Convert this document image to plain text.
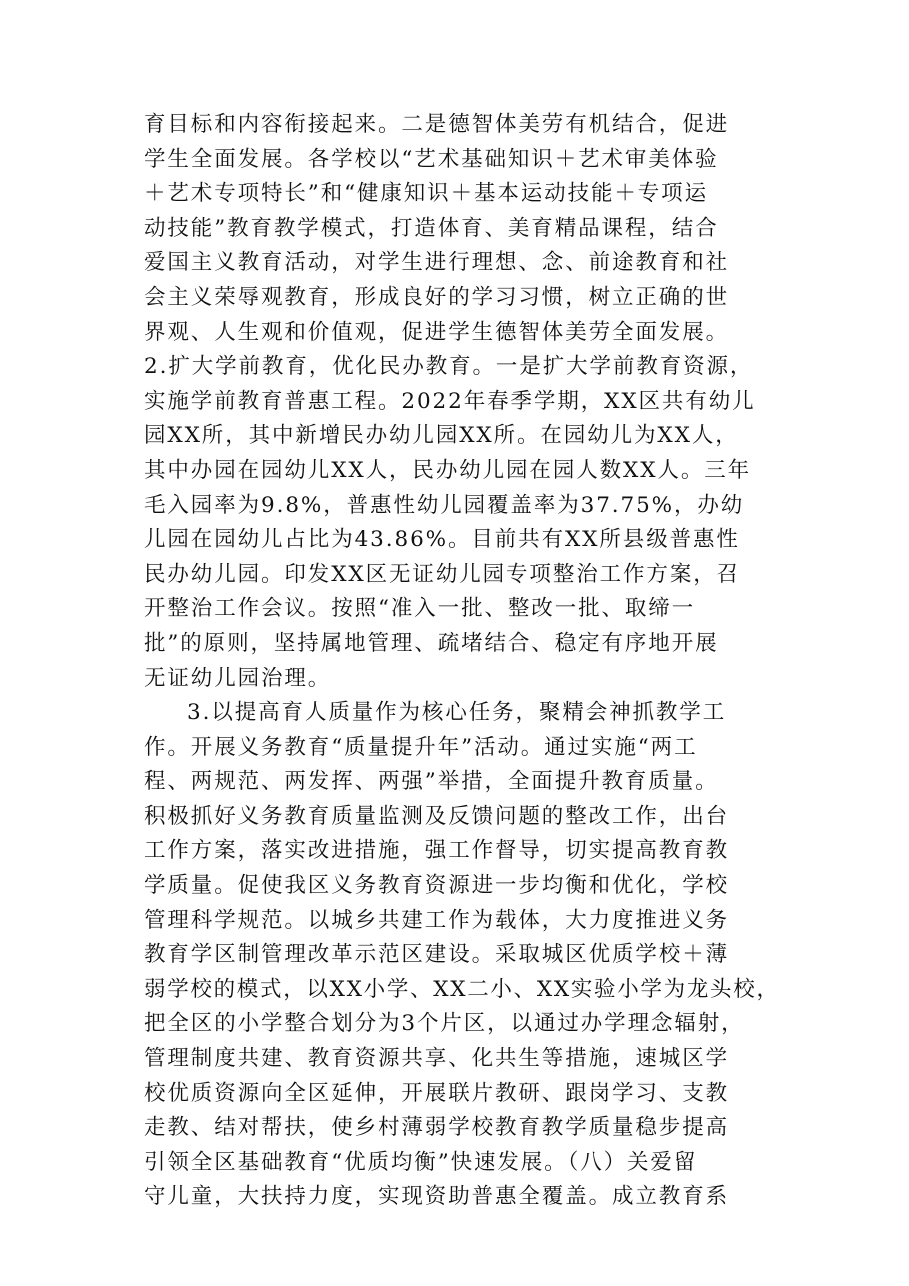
育目标和内容衔接起来。二是德智体美劳有机结合，促进
学生全面发展。各学校以“艺术基础知识＋艺术审美体验
＋艺术专项特长”和“健康知识＋基本运动技能＋专项运
动技能”教育教学模式，打造体育、美育精品课程，结合
爱国主义教育活动，对学生进行理想、念、前途教育和社
会主义荣辱观教育，形成良好的学习习惯，树立正确的世
界观、人生观和价值观，促进学生德智体美劳全面发展。
2.扩大学前教育，优化民办教育。一是扩大学前教育资源，
实施学前教育普惠工程。2022年春季学期，XX区共有幼儿
园XX所，其中新增民办幼儿园XX所。在园幼儿为XX人，
其中办园在园幼儿XX人，民办幼儿园在园人数XX人。三年
毛入园率为9.8%，普惠性幼儿园覆盖率为37.75%，办幼
儿园在园幼儿占比为43.86%。目前共有XX所县级普惠性
民办幼儿园。印发XX区无证幼儿园专项整治工作方案，召
开整治工作会议。按照“准入一批、整改一批、取缔一
批”的原则，坚持属地管理、疏堵结合、稳定有序地开展
无证幼儿园治理。
3.以提高育人质量作为核心任务，聚精会神抓教学工
作。开展义务教育“质量提升年”活动。通过实施“两工
程、两规范、两发挥、两强”举措，全面提升教育质量。
积极抓好义务教育质量监测及反馈问题的整改工作，出台
工作方案，落实改进措施，强工作督导，切实提高教育教
学质量。促使我区义务教育资源进一步均衡和优化，学校
管理科学规范。以城乡共建工作为载体，大力度推进义务
教育学区制管理改革示范区建设。采取城区优质学校＋薄
弱学校的模式，以XX小学、XX二小、XX实验小学为龙头校，
把全区的小学整合划分为3个片区，以通过办学理念辐射，
管理制度共建、教育资源共享、化共生等措施，速城区学
校优质资源向全区延伸，开展联片教研、跟岗学习、支教
走教、结对帮扶，使乡村薄弱学校教育教学质量稳步提高
引领全区基础教育“优质均衡”快速发展。（八）关爱留
守儿童，大扶持力度，实现资助普惠全覆盖。成立教育系
